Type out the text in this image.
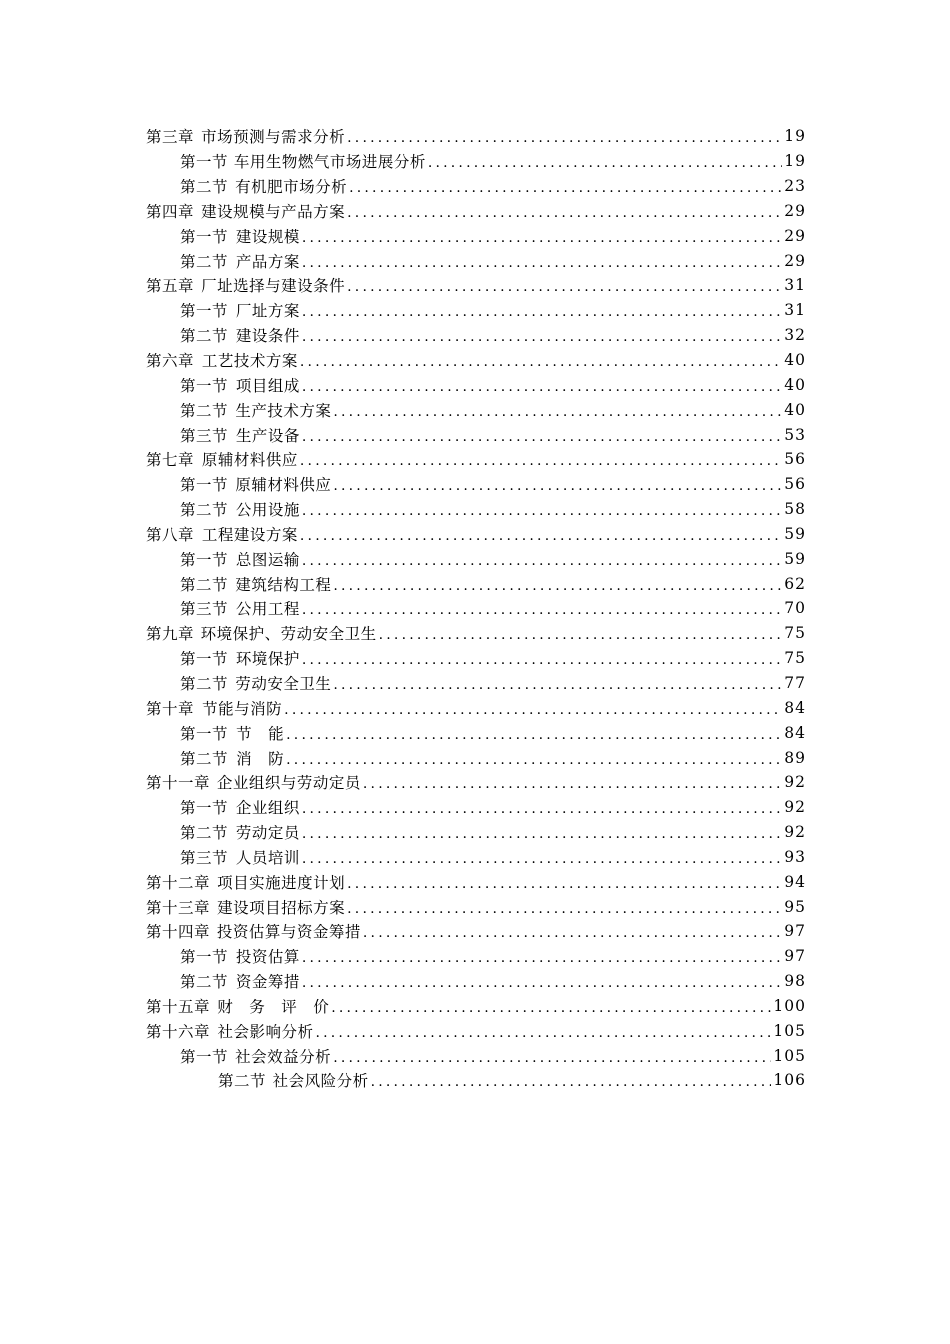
第三章 市场预测与需求分析 .....	19
第一节 车用生物燃气市场进展分析 .....	19
第二节 有机肥市场分析 .....	23
第四章 建设规模与产品方案 .....	29
第一节 建设规模 .....	29
第二节 产品方案 .....	29
第五章 厂址选择与建设条件 .....	31
第一节 厂址方案 .....	31
第二节 建设条件 .....	32
第六章 工艺技术方案 .....	40
第一节 项目组成 .....	40
第二节 生产技术方案 .....	40
第三节 生产设备 .....	53
第七章 原辅材料供应 .....	56
第一节 原辅材料供应 .....	56
第二节 公用设施 .....	58
第八章 工程建设方案 .....	59
第一节 总图运输 .....	59
第二节 建筑结构工程 .....	62
第三节 公用工程 .....	70
第九章 环境保护、劳动安全卫生 .....	75
第一节 环境保护 .....	75
第二节 劳动安全卫生 .....	77
第十章 节能与消防 .....	84
第一节 节　能 .....	84
第二节 消　防 .....	89
第十一章 企业组织与劳动定员 .....	92
第一节 企业组织 .....	92
第二节 劳动定员 .....	92
第三节 人员培训 .....	93
第十二章 项目实施进度计划 .....	94
第十三章 建设项目招标方案 .....	95
第十四章 投资估算与资金筹措 .....	97
第一节 投资估算 .....	97
第二节 资金筹措 .....	98
第十五章 财　务　评　价 .....	100
第十六章 社会影响分析 .....	105
第一节 社会效益分析 .....	105
第二节 社会风险分析 .....	106
